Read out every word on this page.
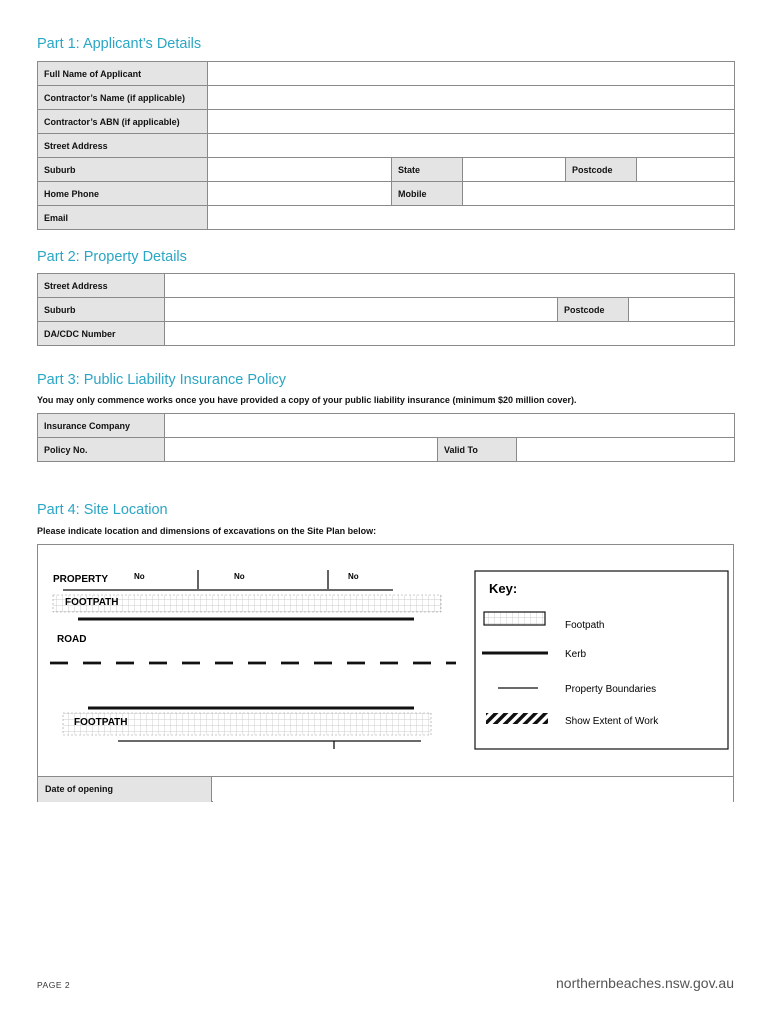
Part 1: Applicant’s Details
Full Name of Applicant	
Contractor’s Name (if applicable)	
Contractor’s ABN (if applicable)	
Street Address	
Suburb		State		Postcode	
Home Phone		Mobile	
Email	
Part 2: Property Details
Street Address	
Suburb		Postcode	
DA/CDC Number	
Part 3: Public Liability Insurance Policy
You may only commence works once you have provided a copy of your public liability insurance (minimum $20 million cover).
Insurance Company	
Policy No.		Valid To	
Part 4: Site Location
Please indicate location and dimensions of excavations on the Site Plan below:
PROPERTY	No	No	No
FOOTPATH
ROAD
FOOTPATH
Key:
Footpath
Kerb
Property Boundaries
Show Extent of Work
Date of opening
PAGE 2	northernbeaches.nsw.gov.au
